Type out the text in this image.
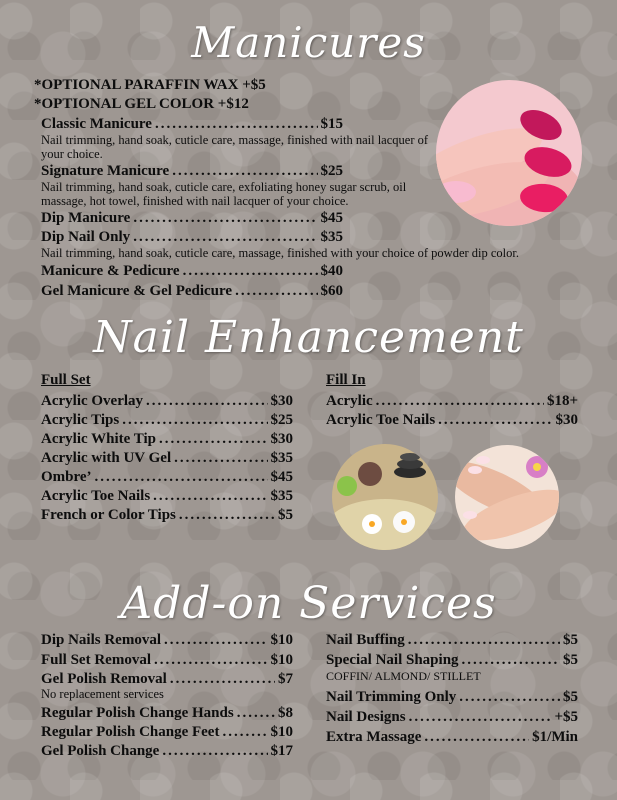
Manicures
Nail Enhancement
Add-on Services
*OPTIONAL PARAFFIN WAX +$5
*OPTIONAL GEL COLOR +$12
Classic Manicure .....	$15
Nail trimming, hand soak, cuticle care, massage, finished with nail lacquer of your choice.
Signature Manicure .....	$25
Nail trimming, hand soak, cuticle care, exfoliating honey sugar scrub, oil massage, hot towel, finished with nail lacquer of your choice.
Dip Manicure .....	$45
Dip Nail Only .....	$35
Nail trimming, hand soak, cuticle care, massage, finished with your choice of powder dip color.
Manicure & Pedicure .....	$40
Gel Manicure & Gel Pedicure .....	$60
Full Set
Acrylic Overlay .....	$30
Acrylic Tips .....	$25
Acrylic White Tip .....	$30
Acrylic with UV Gel .....	$35
Ombre’ .....	$45
Acrylic Toe Nails .....	$35
French or Color Tips .....	$5
Fill In
Acrylic .....	$18+
Acrylic Toe Nails .....	$30
Dip Nails Removal .....	$10
Full Set Removal .....	$10
Gel Polish Removal .....	$7
No replacement services
Regular Polish Change Hands .....	$8
Regular Polish Change Feet .....	$10
Gel Polish Change .....	$17
Nail Buffing .....	$5
Special Nail Shaping .....	$5
COFFIN/ ALMOND/ STILLET
Nail Trimming Only .....	$5
Nail Designs .....	+$5
Extra Massage .....	$1/Min
